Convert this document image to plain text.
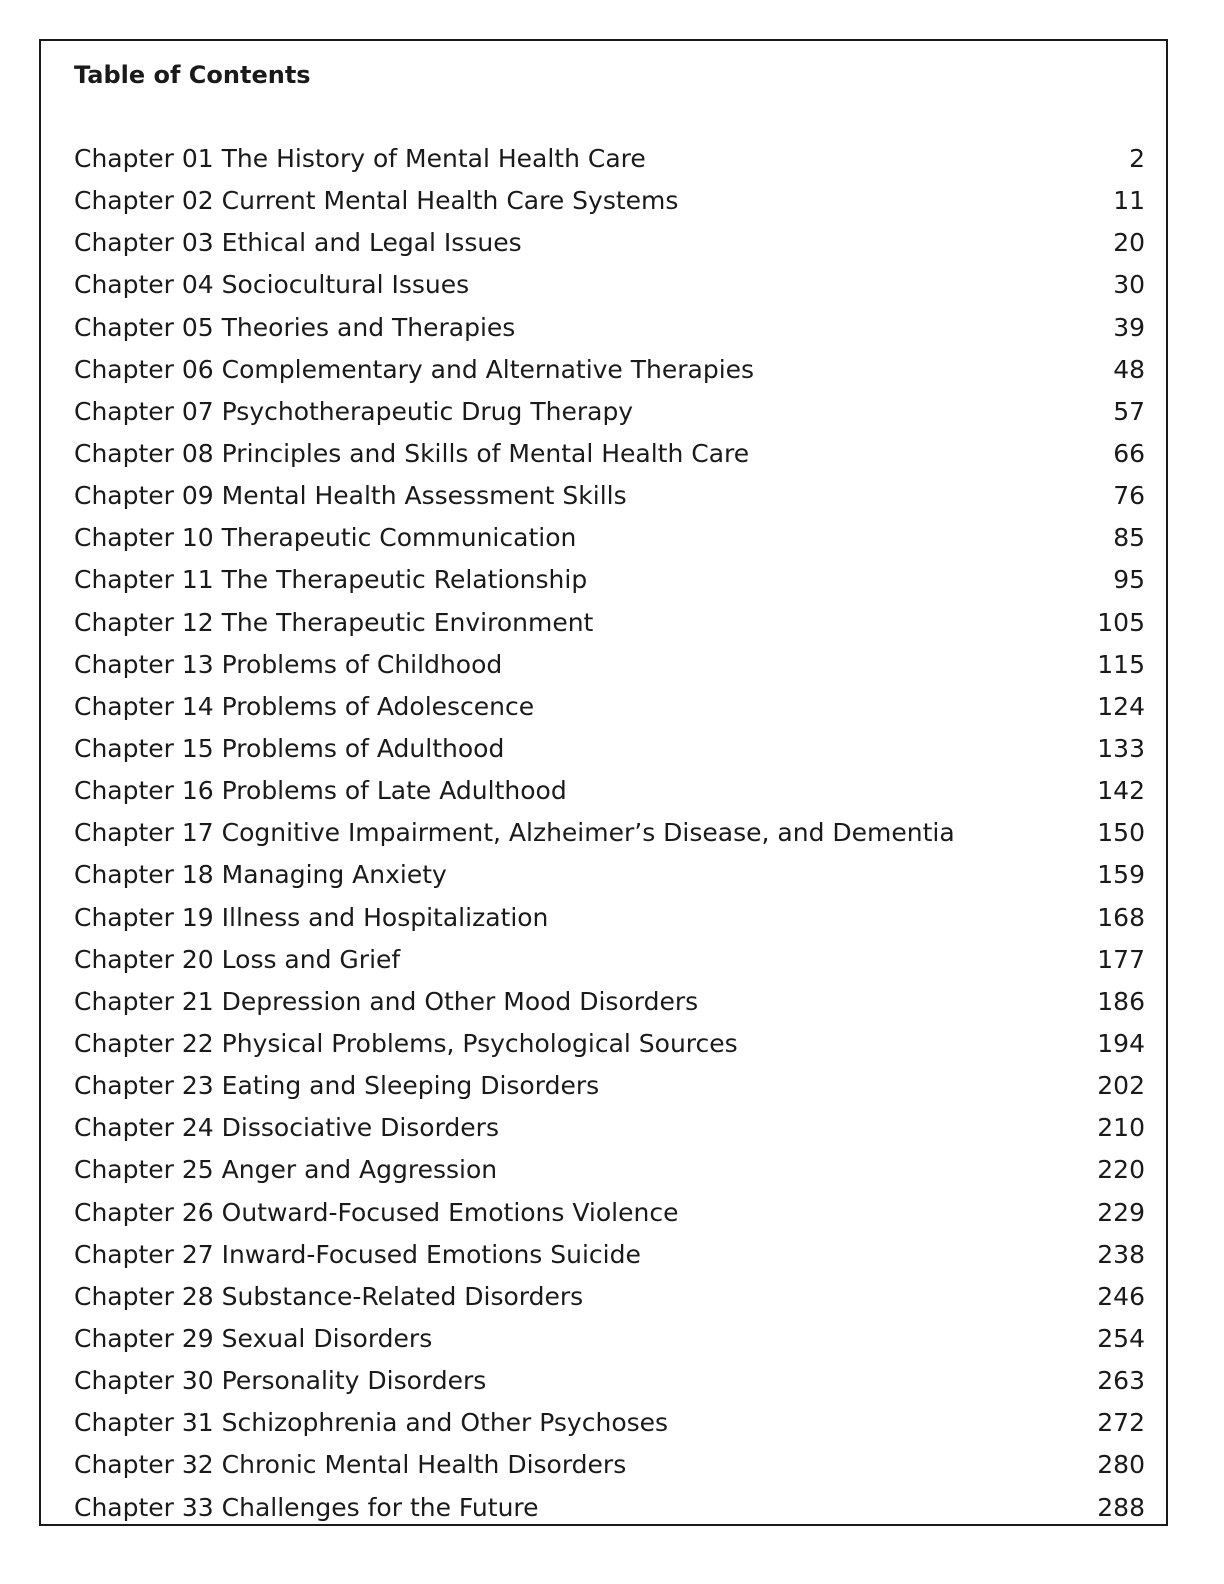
Table of Contents
Chapter 01 The History of Mental Health Care	2
Chapter 02 Current Mental Health Care Systems	11
Chapter 03 Ethical and Legal Issues	20
Chapter 04 Sociocultural Issues	30
Chapter 05 Theories and Therapies	39
Chapter 06 Complementary and Alternative Therapies	48
Chapter 07 Psychotherapeutic Drug Therapy	57
Chapter 08 Principles and Skills of Mental Health Care	66
Chapter 09 Mental Health Assessment Skills	76
Chapter 10 Therapeutic Communication	85
Chapter 11 The Therapeutic Relationship	95
Chapter 12 The Therapeutic Environment	105
Chapter 13 Problems of Childhood	115
Chapter 14 Problems of Adolescence	124
Chapter 15 Problems of Adulthood	133
Chapter 16 Problems of Late Adulthood	142
Chapter 17 Cognitive Impairment, Alzheimer’s Disease, and Dementia	150
Chapter 18 Managing Anxiety	159
Chapter 19 Illness and Hospitalization	168
Chapter 20 Loss and Grief	177
Chapter 21 Depression and Other Mood Disorders	186
Chapter 22 Physical Problems, Psychological Sources	194
Chapter 23 Eating and Sleeping Disorders	202
Chapter 24 Dissociative Disorders	210
Chapter 25 Anger and Aggression	220
Chapter 26 Outward-Focused Emotions Violence	229
Chapter 27 Inward-Focused Emotions Suicide	238
Chapter 28 Substance-Related Disorders	246
Chapter 29 Sexual Disorders	254
Chapter 30 Personality Disorders	263
Chapter 31 Schizophrenia and Other Psychoses	272
Chapter 32 Chronic Mental Health Disorders	280
Chapter 33 Challenges for the Future	288
